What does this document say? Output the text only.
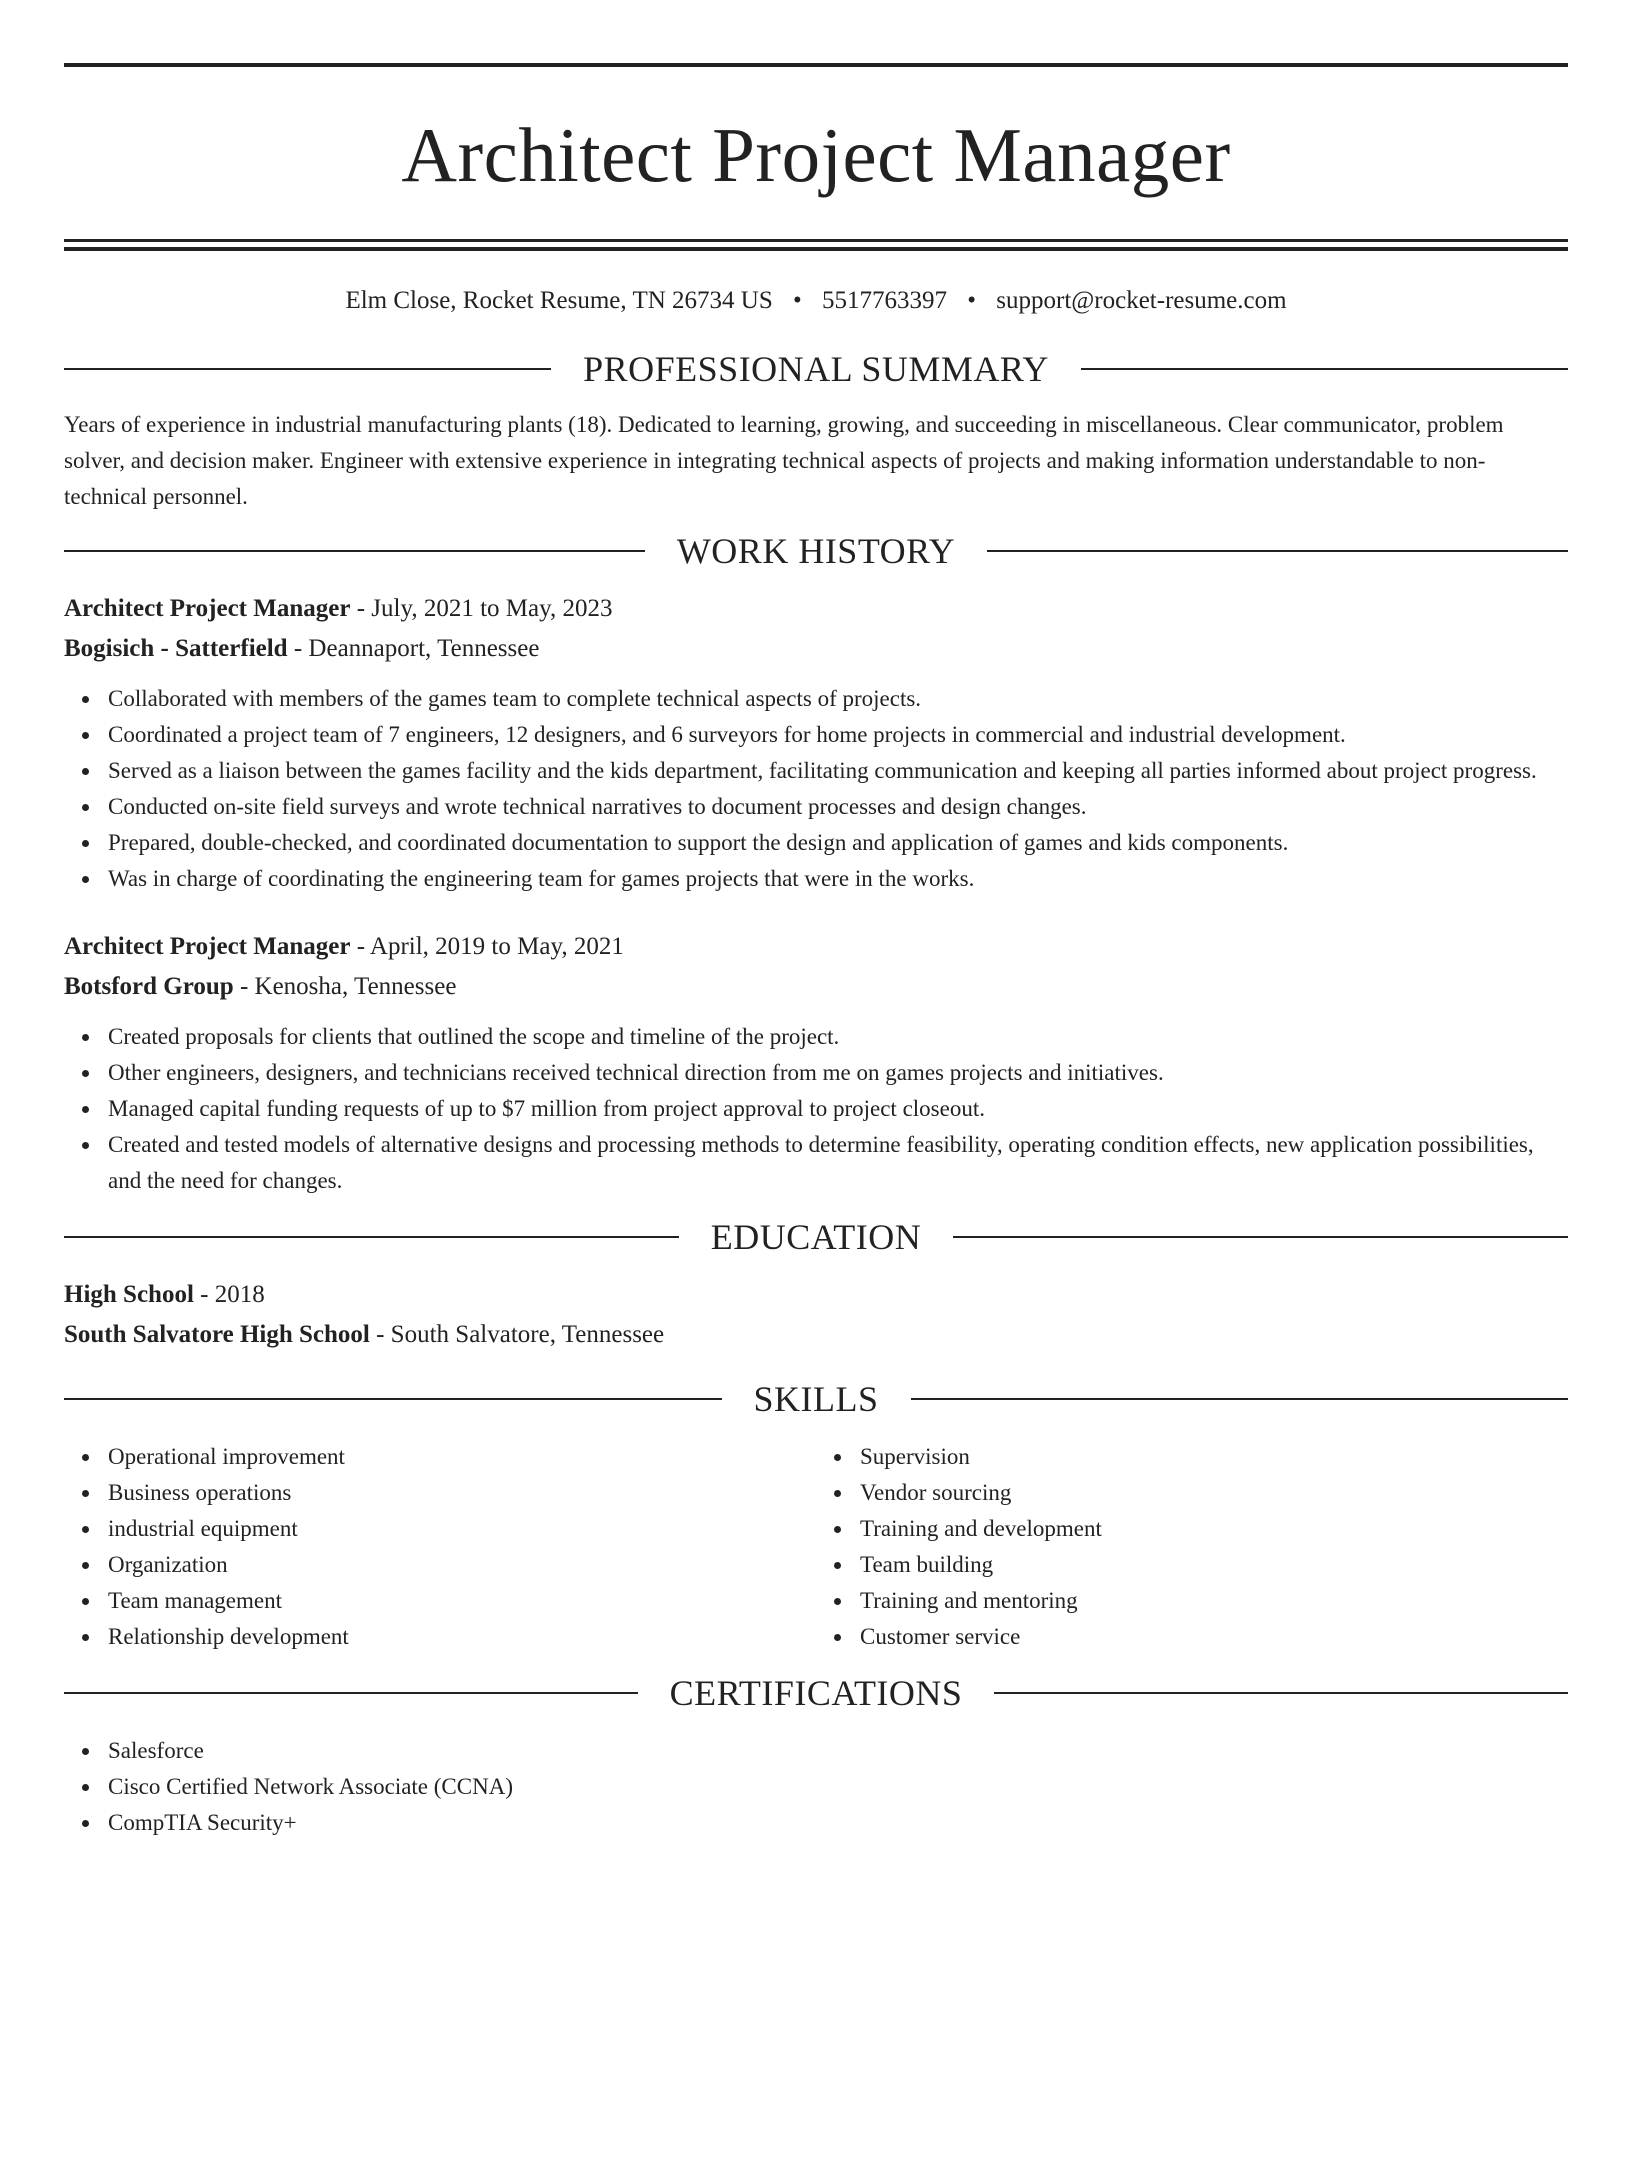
Architect Project Manager
Elm Close, Rocket Resume, TN 26734 US • 5517763397 • support@rocket-resume.com
PROFESSIONAL SUMMARY

Years of experience in industrial manufacturing plants (18). Dedicated to learning, growing, and succeeding in miscellaneous. Clear communicator, problem solver, and decision maker. Engineer with extensive experience in integrating technical aspects of projects and making information understandable to non-technical personnel.

WORK HISTORY
Architect Project Manager - July, 2021 to May, 2023
Bogisich - Satterfield - Deannaport, Tennessee
Collaborated with members of the games team to complete technical aspects of projects.
Coordinated a project team of 7 engineers, 12 designers, and 6 surveyors for home projects in commercial and industrial development.
Served as a liaison between the games facility and the kids department, facilitating communication and keeping all parties informed about project progress.
Conducted on-site field surveys and wrote technical narratives to document processes and design changes.
Prepared, double-checked, and coordinated documentation to support the design and application of games and kids components.
Was in charge of coordinating the engineering team for games projects that were in the works.
Architect Project Manager - April, 2019 to May, 2021
Botsford Group - Kenosha, Tennessee
Created proposals for clients that outlined the scope and timeline of the project.
Other engineers, designers, and technicians received technical direction from me on games projects and initiatives.
Managed capital funding requests of up to $7 million from project approval to project closeout.
Created and tested models of alternative designs and processing methods to determine feasibility, operating condition effects, new application possibilities, and the need for changes.
EDUCATION
High School - 2018
South Salvatore High School - South Salvatore, Tennessee
SKILLS
Operational improvement
Business operations
industrial equipment
Organization
Team management
Relationship development
Supervision
Vendor sourcing
Training and development
Team building
Training and mentoring
Customer service
CERTIFICATIONS
Salesforce
Cisco Certified Network Associate (CCNA)
CompTIA Security+
